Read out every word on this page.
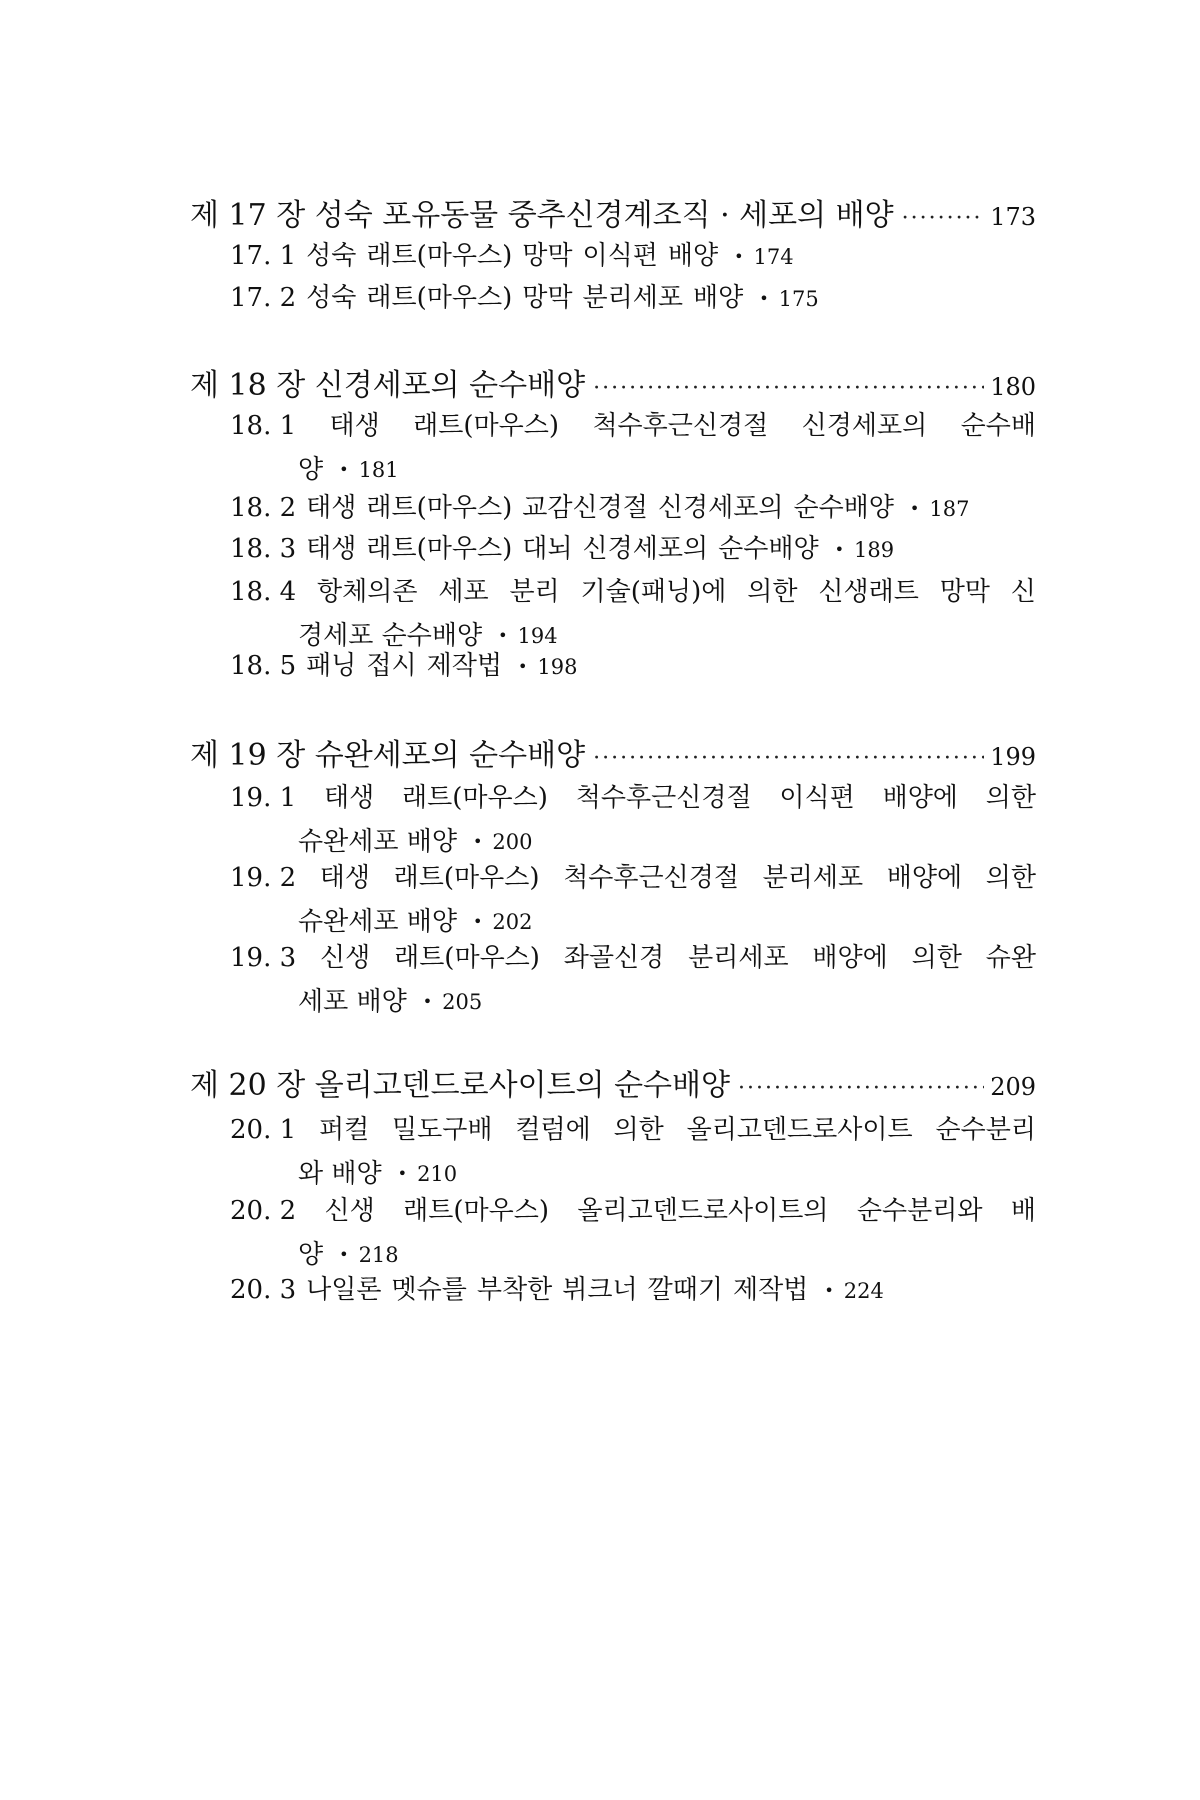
제 17 장 성숙 포유동물 중추신경계조직 · 세포의 배양 ·····	173
17. 1 성숙 래트(마우스) 망막 이식편 배양 • 174
17. 2 성숙 래트(마우스) 망막 분리세포 배양 • 175
제 18 장 신경세포의 순수배양 ·····	180
18. 1 태생 래트(마우스) 척수후근신경절 신경세포의 순수배
양 • 181
18. 2 태생 래트(마우스) 교감신경절 신경세포의 순수배양 • 187
18. 3 태생 래트(마우스) 대뇌 신경세포의 순수배양 • 189
18. 4 항체의존 세포 분리 기술(패닝)에 의한 신생래트 망막 신
경세포 순수배양 • 194
18. 5 패닝 접시 제작법 • 198
제 19 장 슈완세포의 순수배양 ·····	199
19. 1 태생 래트(마우스) 척수후근신경절 이식편 배양에 의한
슈완세포 배양 • 200
19. 2 태생 래트(마우스) 척수후근신경절 분리세포 배양에 의한
슈완세포 배양 • 202
19. 3 신생 래트(마우스) 좌골신경 분리세포 배양에 의한 슈완
세포 배양 • 205
제 20 장 올리고덴드로사이트의 순수배양 ·····	209
20. 1 퍼컬 밀도구배 컬럼에 의한 올리고덴드로사이트 순수분리
와 배양 • 210
20. 2 신생 래트(마우스) 올리고덴드로사이트의 순수분리와 배
양 • 218
20. 3 나일론 멧슈를 부착한 뷔크너 깔때기 제작법 • 224
